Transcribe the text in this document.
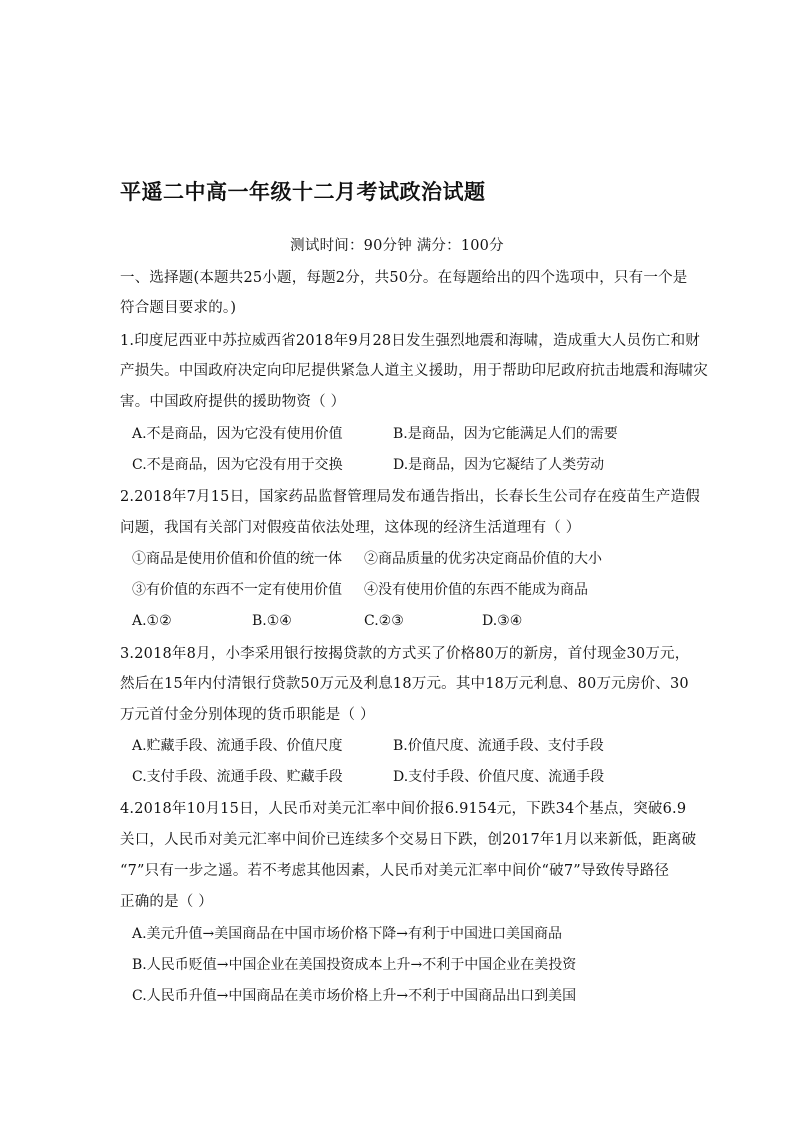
平遥二中高一年级十二月考试政治试题
测试时间：90分钟 满分：100分
一、选择题(本题共25小题，每题2分，共50分。在每题给出的四个选项中，只有一个是
符合题目要求的。)
1.印度尼西亚中苏拉威西省2018年9月28日发生强烈地震和海啸，造成重大人员伤亡和财
产损失。中国政府决定向印尼提供紧急人道主义援助，用于帮助印尼政府抗击地震和海啸灾
害。中国政府提供的援助物资（ ）
A.不是商品，因为它没有使用价值	B.是商品，因为它能满足人们的需要
C.不是商品，因为它没有用于交换	D.是商品，因为它凝结了人类劳动
2.2018年7月15日，国家药品监督管理局发布通告指出，长春长生公司存在疫苗生产造假
问题，我国有关部门对假疫苗依法处理，这体现的经济生活道理有（ ）
①商品是使用价值和价值的统一体 ②商品质量的优劣决定商品价值的大小
③有价值的东西不一定有使用价值 ④没有使用价值的东西不能成为商品
A.①②	B.①④	C.②③	D.③④
3.2018年8月，小李采用银行按揭贷款的方式买了价格80万的新房，首付现金30万元，
然后在15年内付清银行贷款50万元及利息18万元。其中18万元利息、80万元房价、30
万元首付金分别体现的货币职能是（ ）
A.贮藏手段、流通手段、价值尺度	B.价值尺度、流通手段、支付手段
C.支付手段、流通手段、贮藏手段	D.支付手段、价值尺度、流通手段
4.2018年10月15日，人民币对美元汇率中间价报6.9154元，下跌34个基点，突破6.9
关口，人民币对美元汇率中间价已连续多个交易日下跌，创2017年1月以来新低，距离破
“7”只有一步之遥。若不考虑其他因素，人民币对美元汇率中间价“破7”导致传导路径
正确的是（ ）
A.美元升值→美国商品在中国市场价格下降→有利于中国进口美国商品
B.人民币贬值→中国企业在美国投资成本上升→不利于中国企业在美投资
C.人民币升值→中国商品在美市场价格上升→不利于中国商品出口到美国
